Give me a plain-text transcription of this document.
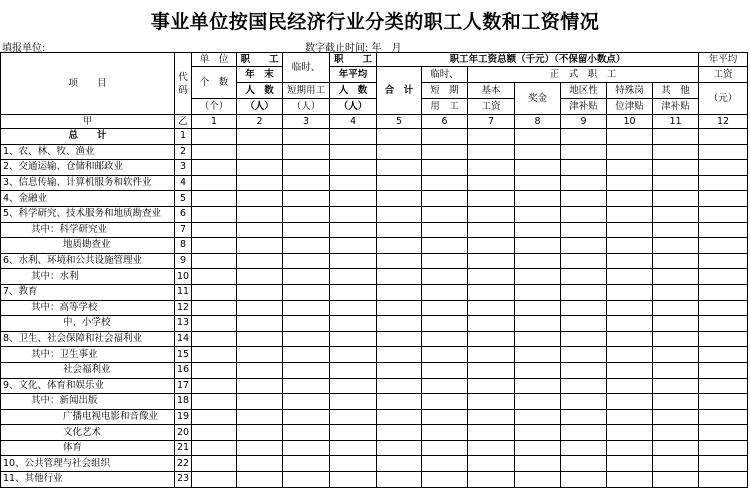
事业单位按国民经济行业分类的职工人数和工资情况
填报单位:	数字截止时间: 年　月
项　　目	代码	单　位	职　　工	临时、	职　　工	职工年工资总额（千元）（不保留小数点）							年平均
		个　数	年　末		年平均	合　计	临时、	正　式　职　工					工资
			人　数	短期用工	人　数		短　期	基本	奖金	地区性	特殊岗	其　他	（元）
		（个）	（人）	（人）	（人）		用　工	工资		津补贴	位津贴	津补贴	
甲	乙	1	2	3	4	5	6	7	8	9	10	11	12
总　　计	1												
1、农、林、牧、渔业	2												
2、交通运输、仓储和邮政业	3												
3、信息传输、计算机服务和软件业	4												
4、金融业	5												
5、科学研究、技术服务和地质勘查业	6												
其中：科学研究业	7												
地质勘查业	8												
6、水利、环境和公共设施管理业	9												
其中：水利	10												
7、教育	11												
其中：高等学校	12												
中、小学校	13												
8、卫生、社会保障和社会福利业	14												
其中：卫生事业	15												
社会福利业	16												
9、文化、体育和娱乐业	17												
其中：新闻出版	18												
广播电视电影和音像业	19												
文化艺术	20												
体育	21												
10、公共管理与社会组织	22												
11、其他行业	23												
